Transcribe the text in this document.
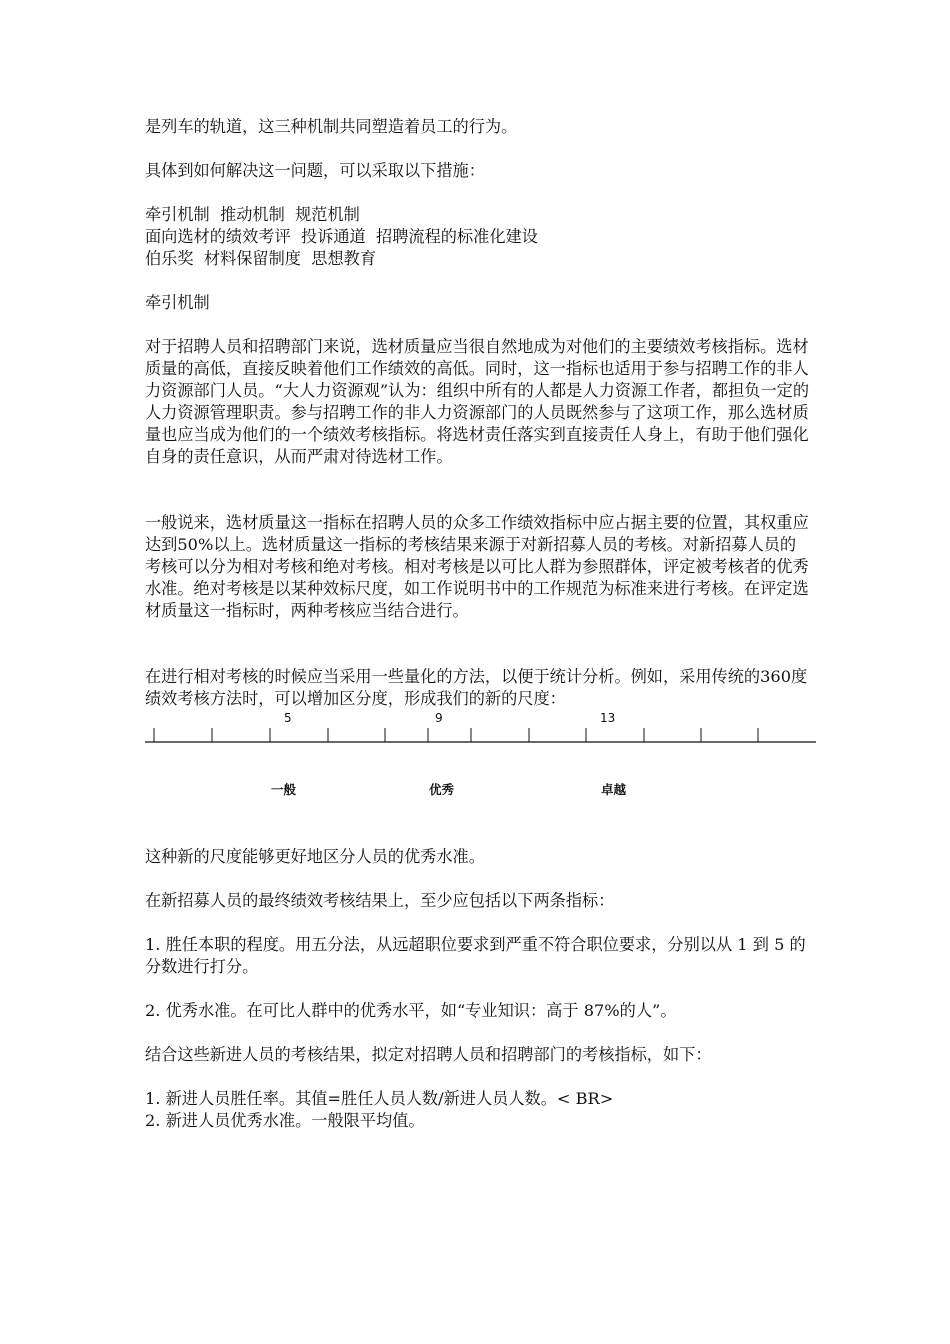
是列车的轨道，这三种机制共同塑造着员工的行为。

具体到如何解决这一问题，可以采取以下措施：

牵引机制  推动机制  规范机制

面向选材的绩效考评  投诉通道  招聘流程的标准化建设

伯乐奖  材料保留制度  思想教育

牵引机制

对于招聘人员和招聘部门来说，选材质量应当很自然地成为对他们的主要绩效考核指标。选材质量的高低，直接反映着他们工作绩效的高低。同时，这一指标也适用于参与招聘工作的非人力资源部门人员。“大人力资源观”认为：组织中所有的人都是人力资源工作者，都担负一定的人力资源管理职责。参与招聘工作的非人力资源部门的人员既然参与了这项工作，那么选材质量也应当成为他们的一个绩效考核指标。将选材责任落实到直接责任人身上，有助于他们强化自身的责任意识，从而严肃对待选材工作。

一般说来，选材质量这一指标在招聘人员的众多工作绩效指标中应占据主要的位置，其权重应达到50%以上。选材质量这一指标的考核结果来源于对新招募人员的考核。对新招募人员的考核可以分为相对考核和绝对考核。相对考核是以可比人群为参照群体，评定被考核者的优秀水准。绝对考核是以某种效标尺度，如工作说明书中的工作规范为标准来进行考核。在评定选材质量这一指标时，两种考核应当结合进行。

在进行相对考核的时候应当采用一些量化的方法，以便于统计分析。例如，采用传统的360度绩效考核方法时，可以增加区分度，形成我们的新的尺度：

5	9	13
一般	优秀	卓越

这种新的尺度能够更好地区分人员的优秀水准。

在新招募人员的最终绩效考核结果上，至少应包括以下两条指标：

1. 胜任本职的程度。用五分法，从远超职位要求到严重不符合职位要求，分别以从 1 到 5 的分数进行打分。

2. 优秀水准。在可比人群中的优秀水平，如“专业知识：高于 87%的人”。

结合这些新进人员的考核结果，拟定对招聘人员和招聘部门的考核指标，如下：

1. 新进人员胜任率。其值=胜任人员人数/新进人员人数。< BR>

2. 新进人员优秀水准。一般限平均值。
